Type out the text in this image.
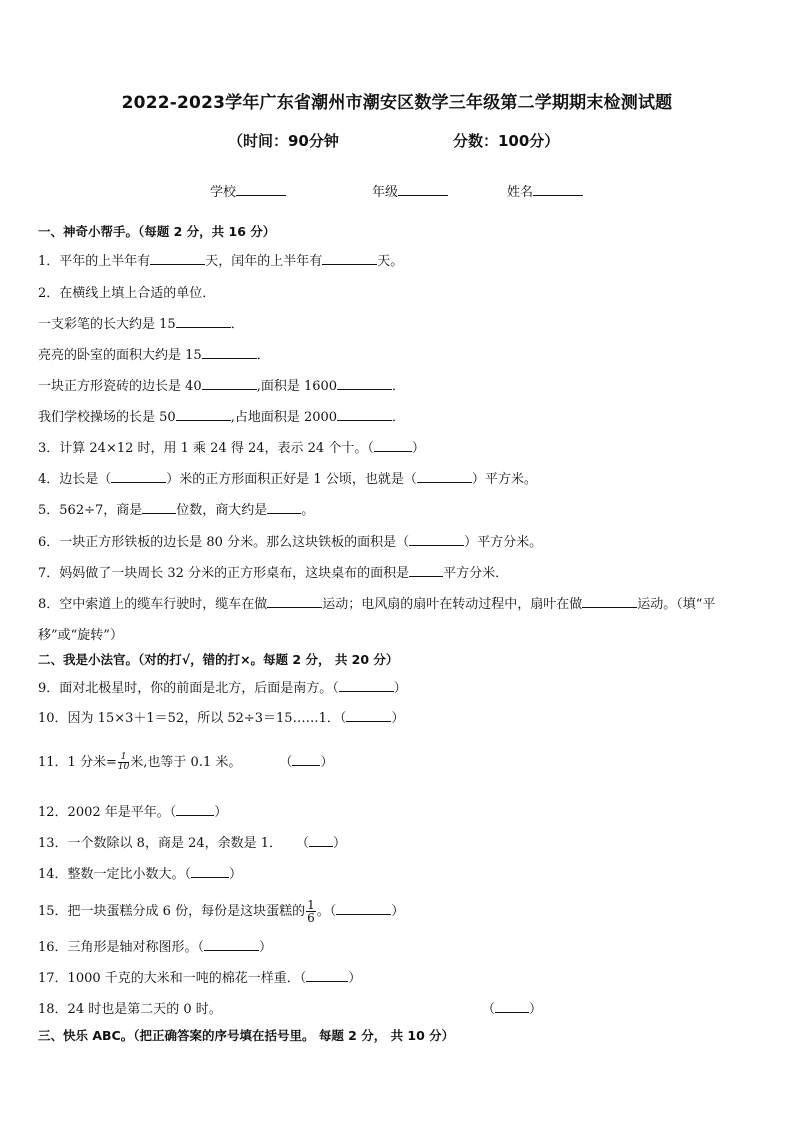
2022-2023学年广东省潮州市潮安区数学三年级第二学期期末检测试题
（时间：90分钟	分数：100分）
学校	年级	姓名
一、神奇小帮手。（每题 2 分，共 16 分）
1．平年的上半年有	天，闰年的上半年有	天。
2．在横线上填上合适的单位．
一支彩笔的长大约是 15	．
亮亮的卧室的面积大约是 15	．
一块正方形瓷砖的边长是 40	,面积是 1600	．
我们学校操场的长是 50	,占地面积是 2000	．
3．计算 24×12 时，用 1 乘 24 得 24，表示 24 个十。（	）
4．边长是（	）米的正方形面积正好是 1 公顷，也就是（	）平方米。
5．562÷7，商是	位数，商大约是	。
6．一块正方形铁板的边长是 80 分米。那么这块铁板的面积是（	）平方分米。
7．妈妈做了一块周长 32 分米的正方形桌布，这块桌布的面积是	平方分米．
8．空中索道上的缆车行驶时，缆车在做	运动；电风扇的扇叶在转动过程中，扇叶在做	运动。（填“平
移”或“旋转”）
二、我是小法官。（对的打√，错的打×。每题 2 分， 共 20 分）
9．面对北极星时，你的前面是北方，后面是南方。（	）
10．因为 15×3＋1＝52，所以 52÷3＝15……1．（	）
11．1 分米= $\frac{1}{10}$ 米,也等于 0.1 米。	（ ）
12．2002 年是平年。（	）
13．一个数除以 8，商是 24，余数是 1． （ ）
14．整数一定比小数大。（	）
15．把一块蛋糕分成 6 份，每份是这块蛋糕的 $\frac{1}{6}$ 。（	）
16．三角形是轴对称图形。（	）
17．1000 千克的大米和一吨的棉花一样重．（	）
18．24 时也是第二天的 0 时。	（	）
三、快乐 ABC。（把正确答案的序号填在括号里。 每题 2 分， 共 10 分）
